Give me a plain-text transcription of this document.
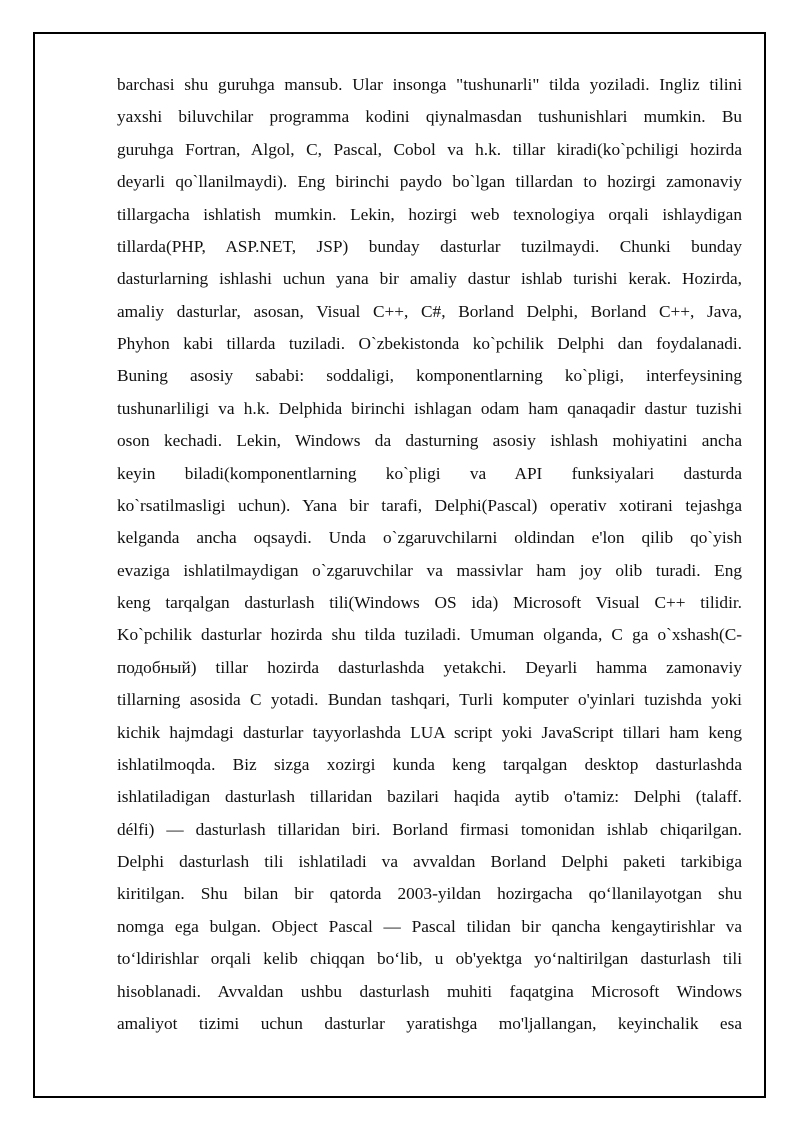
barchasi shu guruhga mansub. Ular insonga "tushunarli" tilda yoziladi. Ingliz tilini
yaxshi biluvchilar programma kodini qiynalmasdan tushunishlari mumkin. Bu
guruhga Fortran, Algol, C, Pascal, Cobol va h.k. tillar kiradi(ko`pchiligi hozirda
deyarli qo`llanilmaydi). Eng birinchi paydo bo`lgan tillardan to hozirgi zamonaviy
tillargacha ishlatish mumkin. Lekin, hozirgi web texnologiya orqali ishlaydigan
tillarda(PHP, ASP.NET, JSP) bunday dasturlar tuzilmaydi. Chunki bunday
dasturlarning ishlashi uchun yana bir amaliy dastur ishlab turishi kerak. Hozirda,
amaliy dasturlar, asosan, Visual C++, C#, Borland Delphi, Borland C++, Java,
Phyhon kabi tillarda tuziladi. O`zbekistonda ko`pchilik Delphi dan foydalanadi.
Buning asosiy sababi: soddaligi, komponentlarning ko`pligi, interfeysining
tushunarliligi va h.k. Delphida birinchi ishlagan odam ham qanaqadir dastur tuzishi
oson kechadi. Lekin, Windows da dasturning asosiy ishlash mohiyatini ancha
keyin biladi(komponentlarning ko`pligi va API funksiyalari dasturda
ko`rsatilmasligi uchun). Yana bir tarafi, Delphi(Pascal) operativ xotirani tejashga
kelganda ancha oqsaydi. Unda o`zgaruvchilarni oldindan e'lon qilib qo`yish
evaziga ishlatilmaydigan o`zgaruvchilar va massivlar ham joy olib turadi. Eng
keng tarqalgan dasturlash tili(Windows OS ida) Microsoft Visual C++ tilidir.
Ko`pchilik dasturlar hozirda shu tilda tuziladi. Umuman olganda, C ga o`xshash(C-
подобный) tillar hozirda dasturlashda yetakchi. Deyarli hamma zamonaviy
tillarning asosida C yotadi. Bundan tashqari, Turli komputer o'yinlari tuzishda yoki
kichik hajmdagi dasturlar tayyorlashda LUA script yoki JavaScript tillari ham keng
ishlatilmoqda. Biz sizga xozirgi kunda keng tarqalgan desktop dasturlashda
ishlatiladigan dasturlash tillaridan bazilari haqida aytib o'tamiz: Delphi (talaff.
délfi) — dasturlash tillaridan biri. Borland firmasi tomonidan ishlab chiqarilgan.
Delphi dasturlash tili ishlatiladi va avvaldan Borland Delphi paketi tarkibiga
kiritilgan. Shu bilan bir qatorda 2003-yildan hozirgacha qo‘llanilayotgan shu
nomga ega bulgan. Object Pascal — Pascal tilidan bir qancha kengaytirishlar va
to‘ldirishlar orqali kelib chiqqan bo‘lib, u ob'yektga yo‘naltirilgan dasturlash tili
hisoblanadi. Avvaldan ushbu dasturlash muhiti faqatgina Microsoft Windows
amaliyot tizimi uchun dasturlar yaratishga mo'ljallangan, keyinchalik esa
